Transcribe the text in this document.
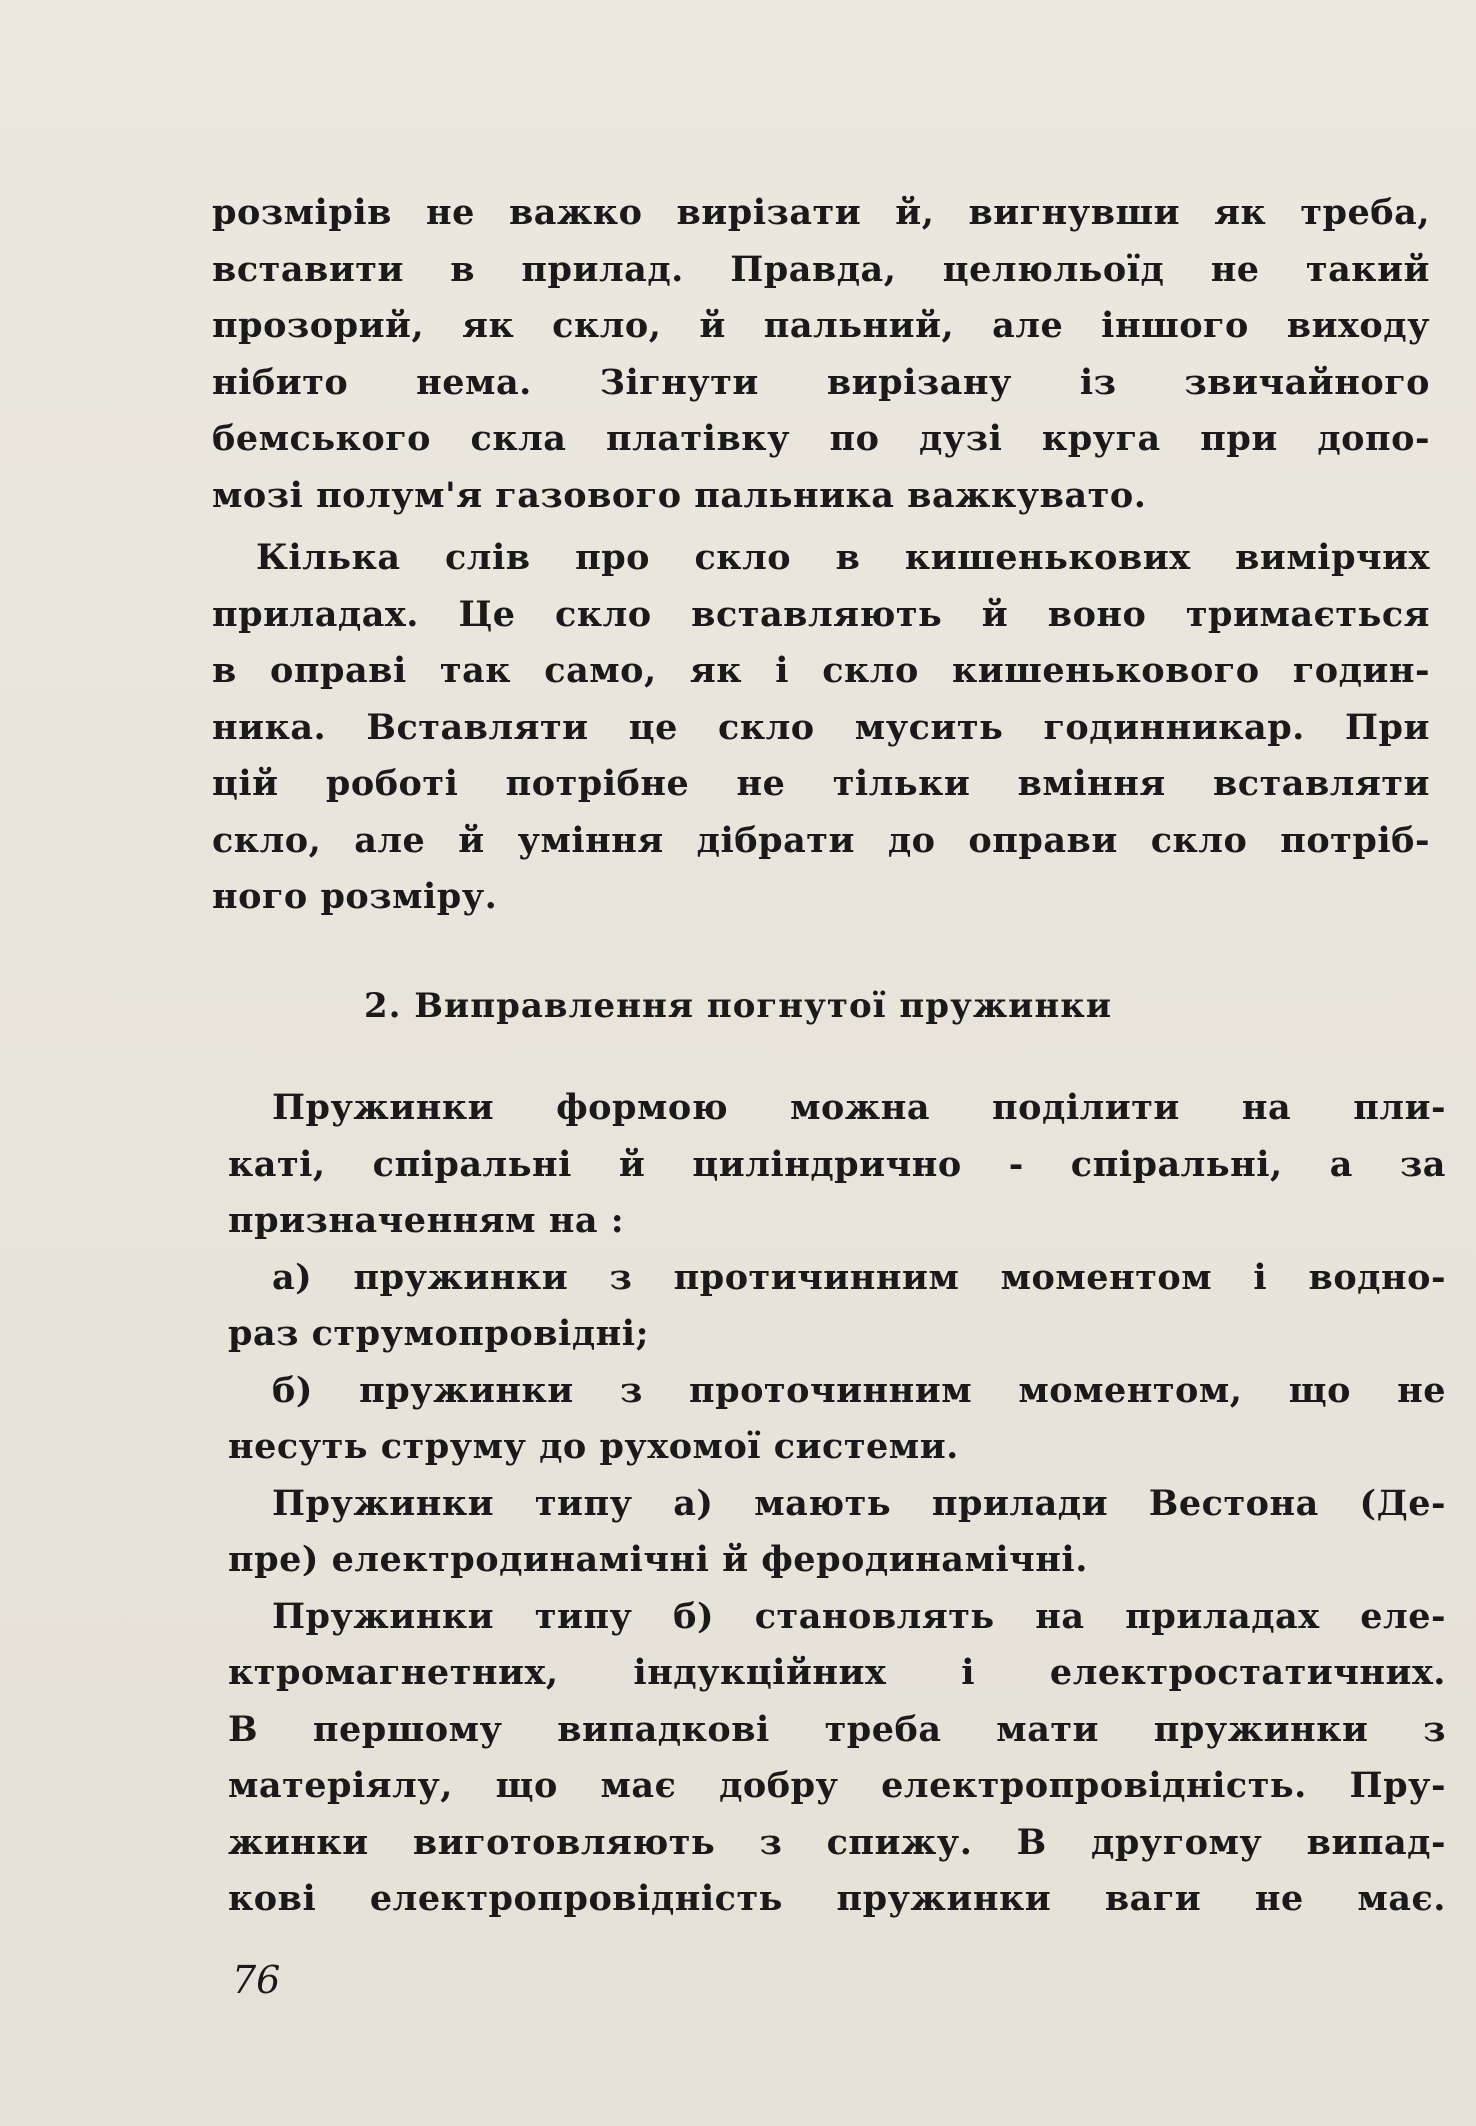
розмірів не важко вирізати й, вигнувши як треба,
вставити в прилад. Правда, целюльоїд не такий
прозорий, як скло, й пальний, але іншого виходу
нібито нема. Зігнути вирізану із звичайного
бемського скла платівку по дузі круга при допо-
мозі полум'я газового пальника важкувато.
Кілька слів про скло в кишенькових вимірчих
приладах. Це скло вставляють й воно тримається
в оправі так само, як і скло кишенькового годин-
ника. Вставляти це скло мусить годинникар. При
цій роботі потрібне не тільки вміння вставляти
скло, але й уміння дібрати до оправи скло потріб-
ного розміру.
2. Виправлення погнутої пружинки
Пружинки формою можна поділити на пли-
каті, спіральні й циліндрично - спіральні, а за
призначенням на :
а) пружинки з протичинним моментом і водно-
раз струмопровідні;
б) пружинки з проточинним моментом, що не
несуть струму до рухомої системи.
Пружинки типу а) мають прилади Вестона (Де-
пре) електродинамічні й феродинамічні.
Пружинки типу б) становлять на приладах еле-
ктромагнетних, індукційних і електростатичних.
В першому випадкові треба мати пружинки з
матеріялу, що має добру електропровідність. Пру-
жинки виготовляють з спижу. В другому випад-
кові електропровідність пружинки ваги не має.
76
